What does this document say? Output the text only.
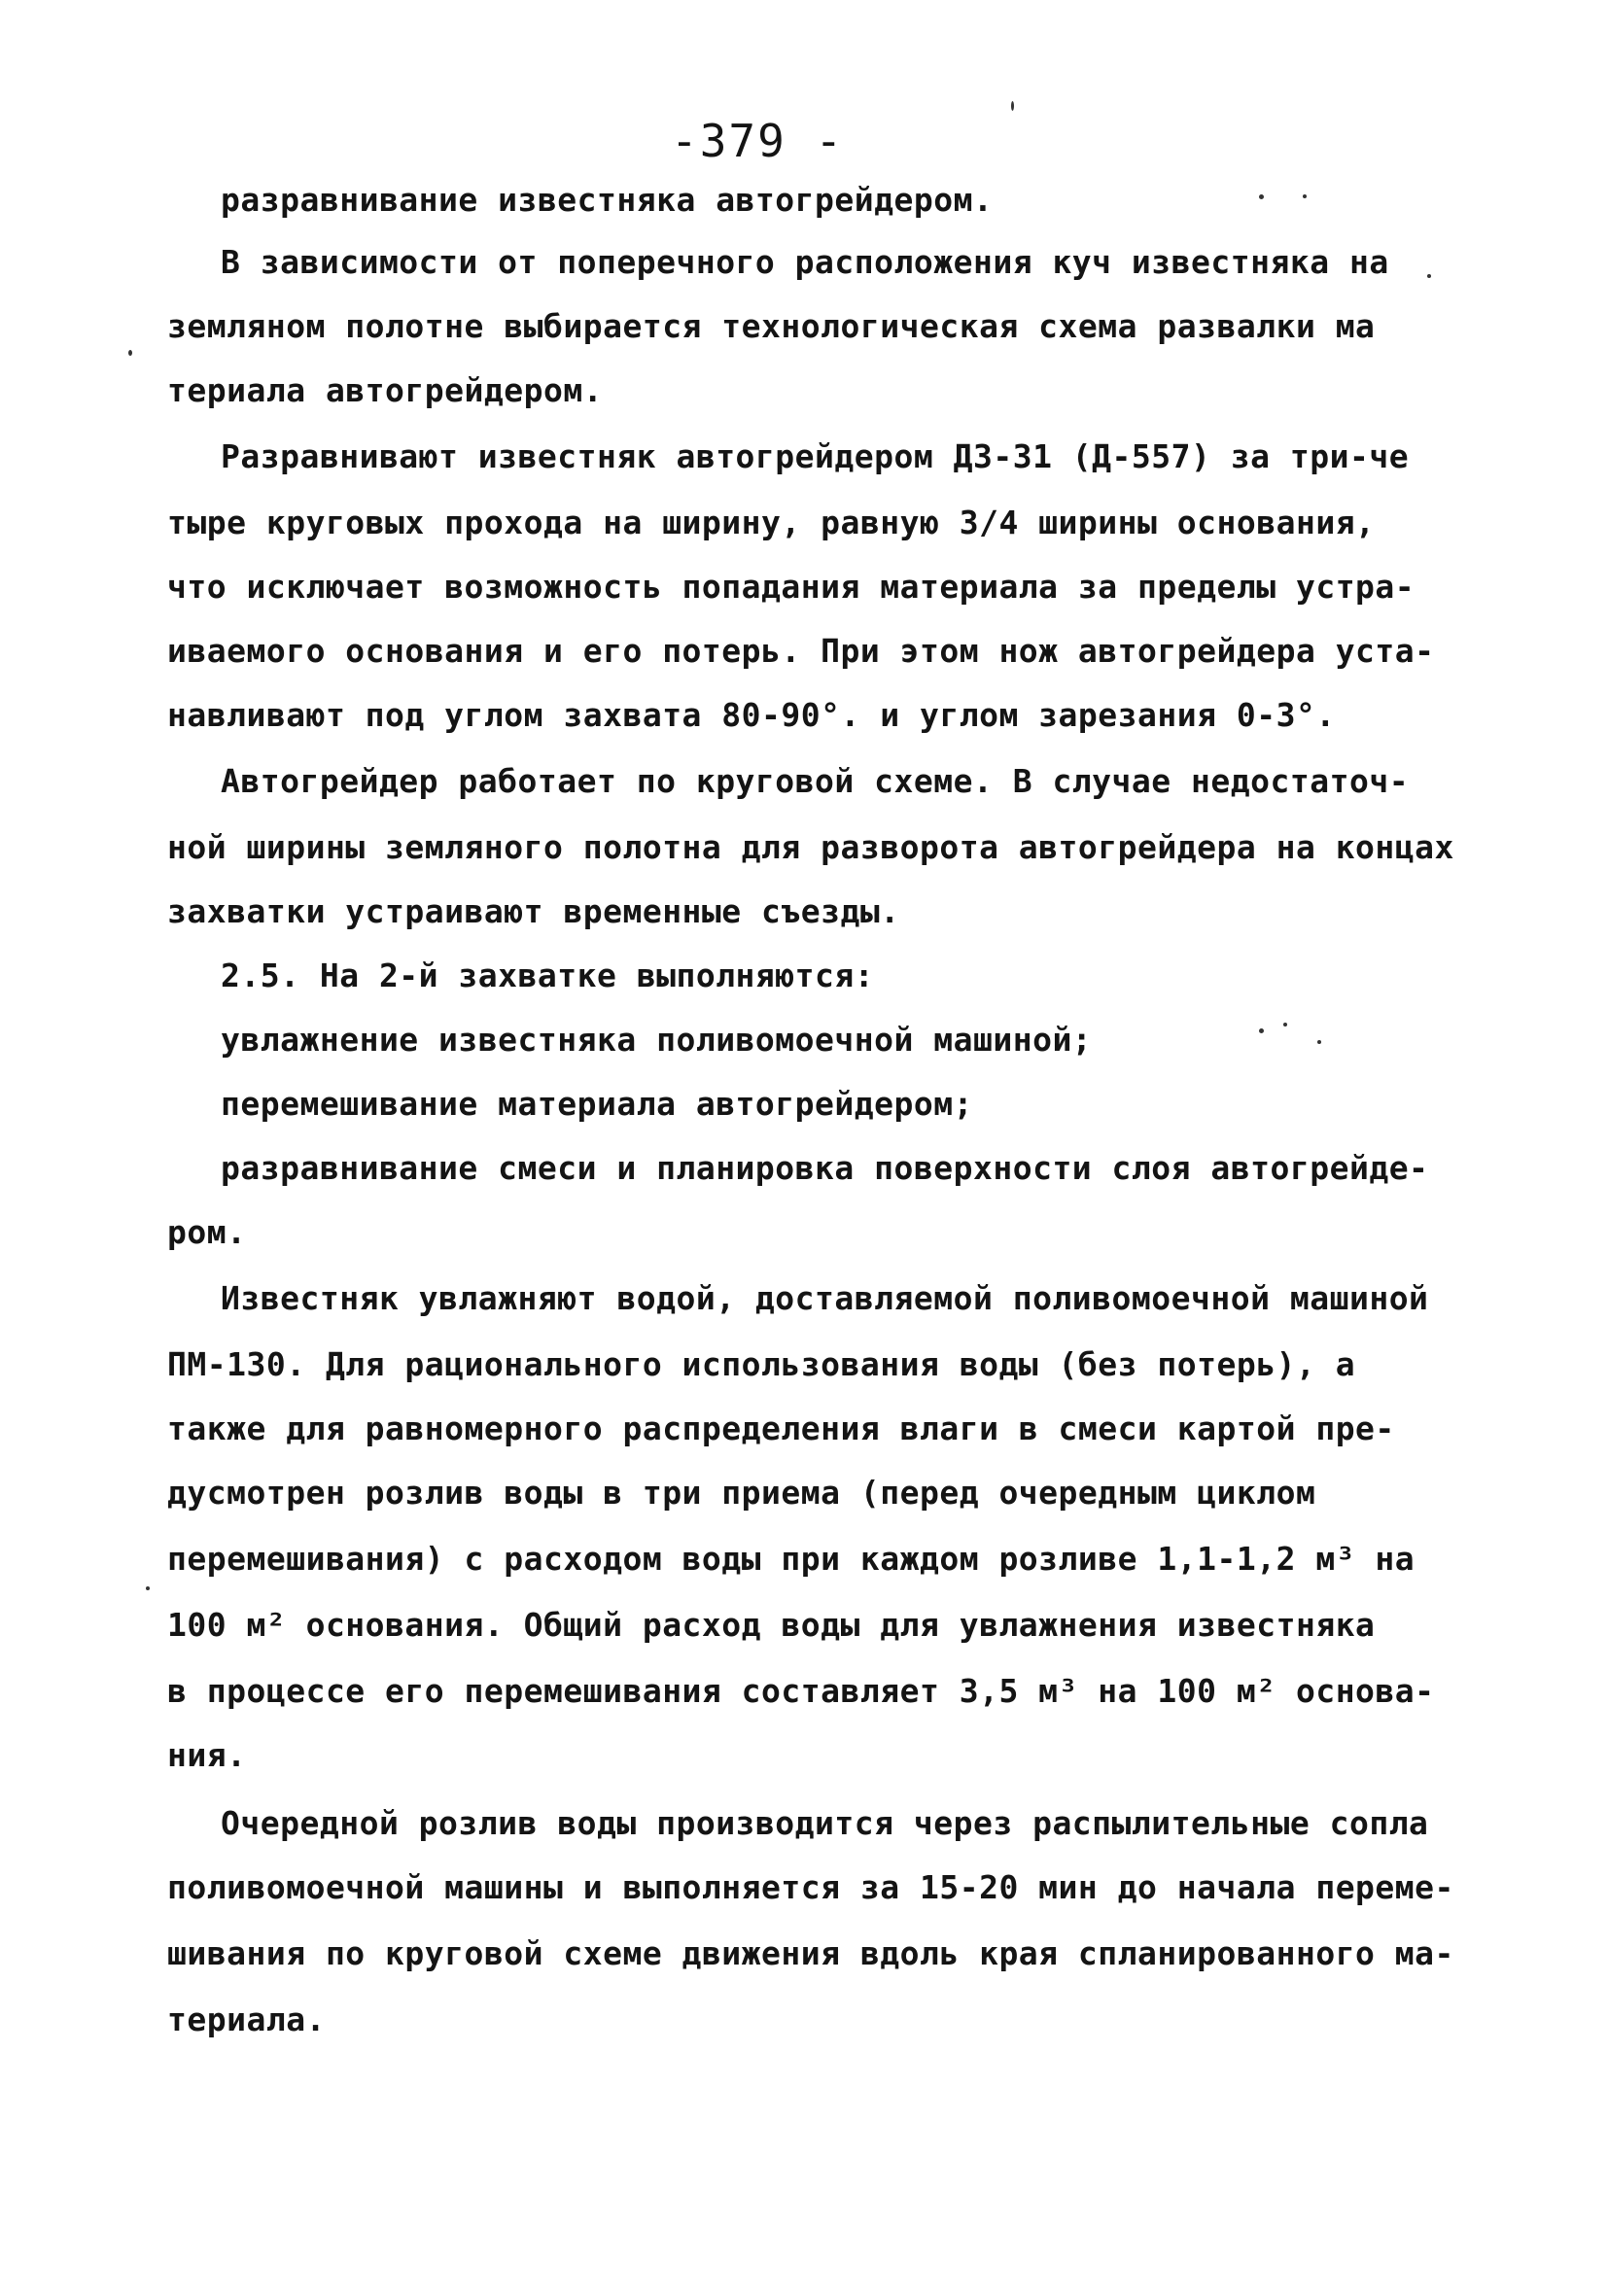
-379 -
разравнивание известняка автогрейдером.
В зависимости от поперечного расположения куч известняка на
земляном полотне выбирается технологическая схема развалки ма
териала автогрейдером.
Разравнивают известняк автогрейдером ДЗ-31 (Д-557) за три-че
тыре круговых прохода на ширину, равную 3/4 ширины основания,
что исключает возможность попадания материала за пределы устра-
иваемого основания и его потерь. При этом нож автогрейдера уста-
навливают под углом захвата 80-90°. и углом зарезания 0-3°.
Автогрейдер работает по круговой схеме. В случае недостаточ-
ной ширины земляного полотна для разворота автогрейдера на концах
захватки устраивают временные съезды.
2.5. На 2-й захватке выполняются:
увлажнение известняка поливомоечной машиной;
перемешивание материала автогрейдером;
разравнивание смеси и планировка поверхности слоя автогрейде-
ром.
Известняк увлажняют водой, доставляемой поливомоечной машиной
ПМ-130. Для рационального использования воды (без потерь), а
также для равномерного распределения влаги в смеси картой пре-
дусмотрен розлив воды в три приема (перед очередным циклом
перемешивания) с расходом воды при каждом розливе 1,1-1,2 м³ на
100 м² основания. Общий расход воды для увлажнения известняка
в процессе его перемешивания составляет 3,5 м³ на 100 м² основа-
ния.
Очередной розлив воды производится через распылительные сопла
поливомоечной машины и выполняется за 15-20 мин до начала переме-
шивания по круговой схеме движения вдоль края спланированного ма-
териала.
